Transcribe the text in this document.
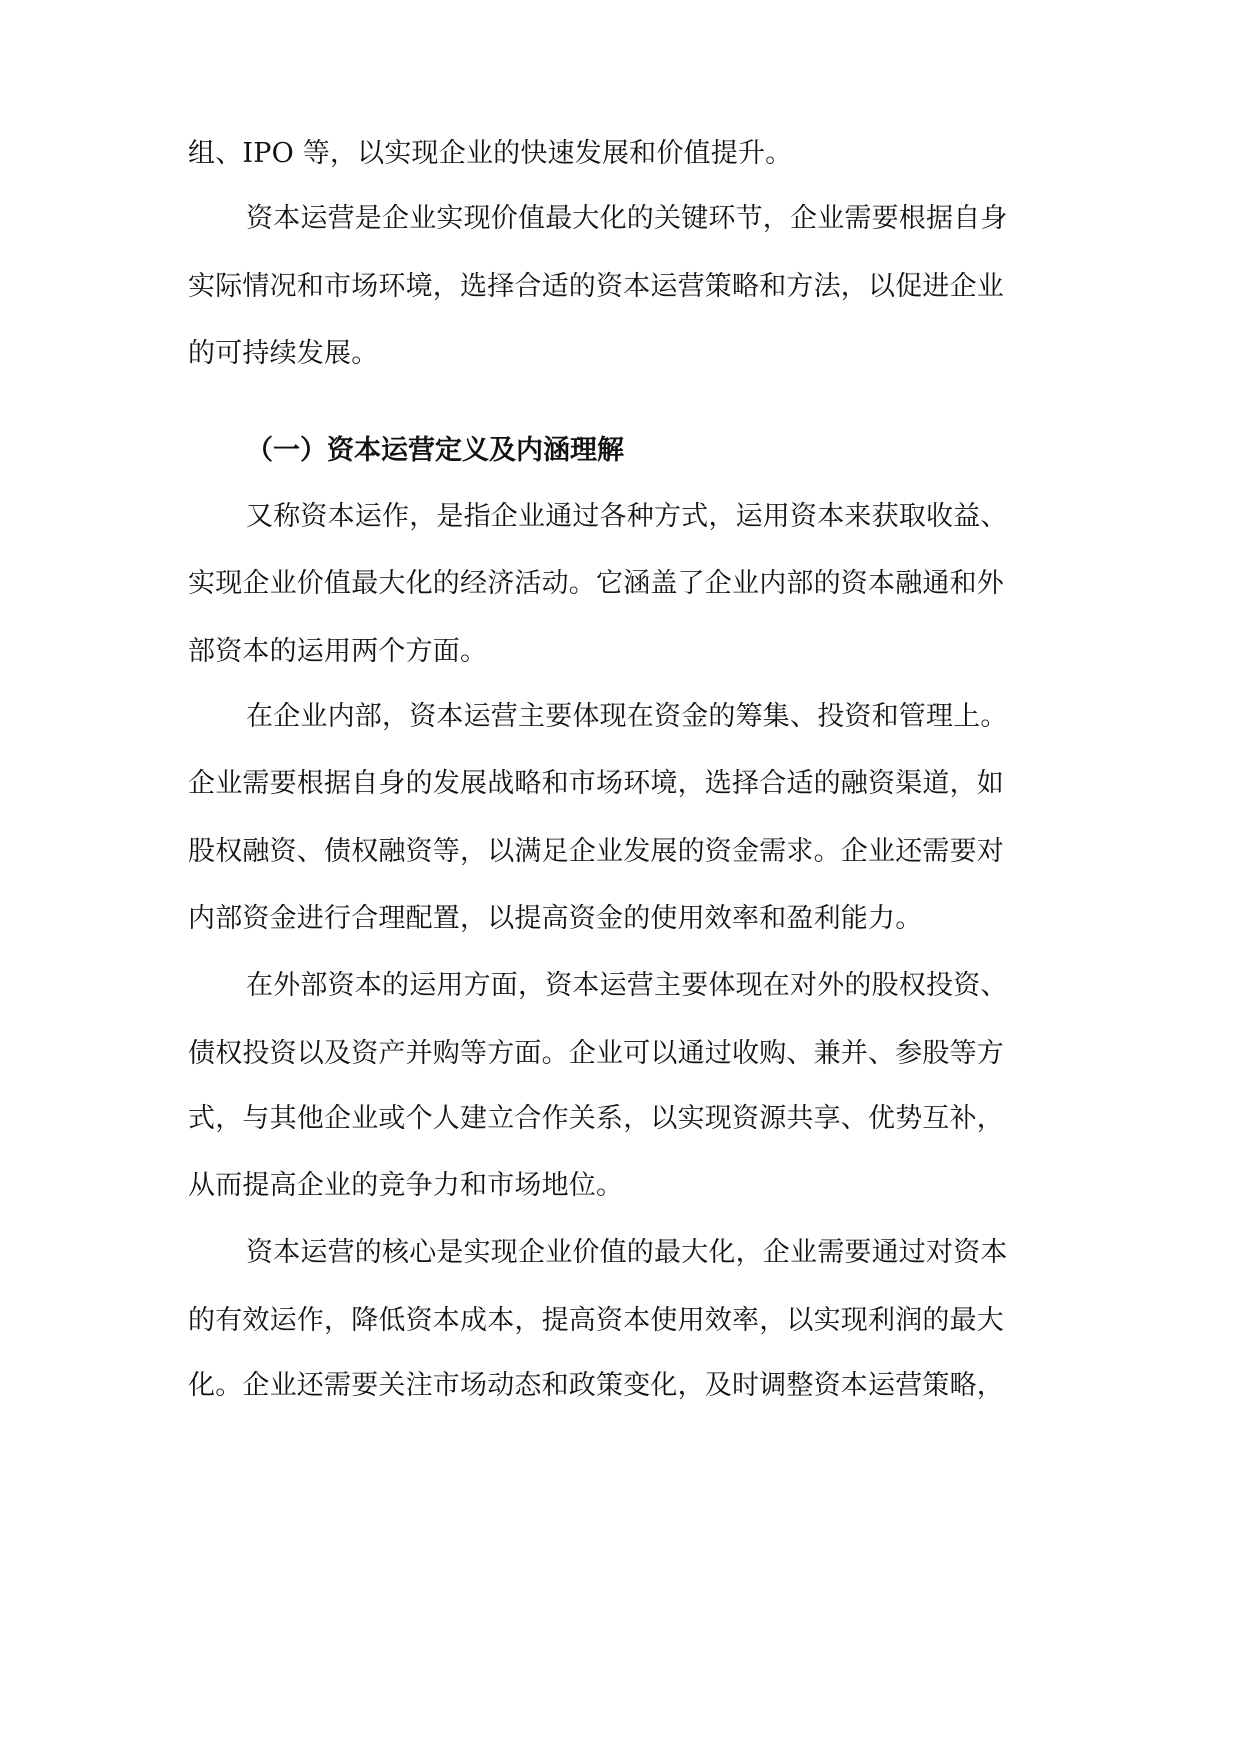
组、IPO 等，以实现企业的快速发展和价值提升。

资本运营是企业实现价值最大化的关键环节，企业需要根据自身

实际情况和市场环境，选择合适的资本运营策略和方法，以促进企业

的可持续发展。

（一）资本运营定义及内涵理解

又称资本运作，是指企业通过各种方式，运用资本来获取收益、

实现企业价值最大化的经济活动。它涵盖了企业内部的资本融通和外

部资本的运用两个方面。

在企业内部，资本运营主要体现在资金的筹集、投资和管理上。

企业需要根据自身的发展战略和市场环境，选择合适的融资渠道，如

股权融资、债权融资等，以满足企业发展的资金需求。企业还需要对

内部资金进行合理配置，以提高资金的使用效率和盈利能力。

在外部资本的运用方面，资本运营主要体现在对外的股权投资、

债权投资以及资产并购等方面。企业可以通过收购、兼并、参股等方

式，与其他企业或个人建立合作关系，以实现资源共享、优势互补，

从而提高企业的竞争力和市场地位。

资本运营的核心是实现企业价值的最大化，企业需要通过对资本

的有效运作，降低资本成本，提高资本使用效率，以实现利润的最大

化。企业还需要关注市场动态和政策变化，及时调整资本运营策略，
